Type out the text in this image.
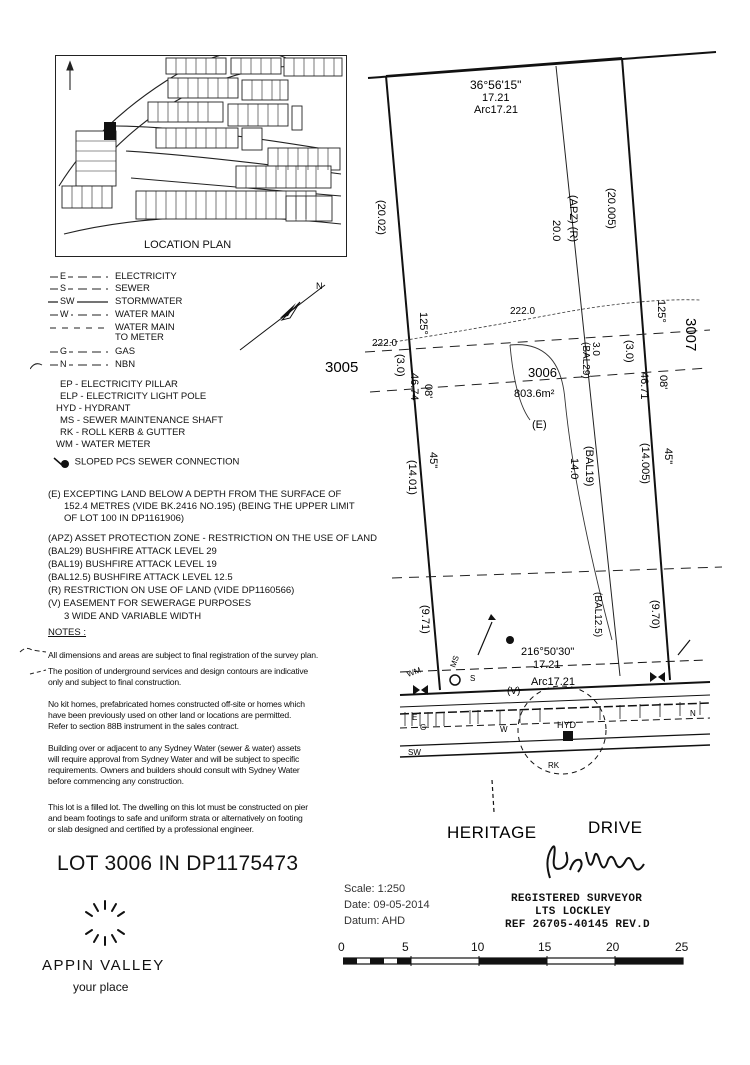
LOCATION PLAN
E	ELECTRICITY
S	SEWER
SW	STORMWATER
W	WATER MAIN
WATER MAIN
TO METER
G	GAS
N	NBN
EP - ELECTRICITY PILLAR
ELP - ELECTRICITY LIGHT POLE
HYD - HYDRANT
MS - SEWER MAINTENANCE SHAFT
RK - ROLL KERB & GUTTER
WM - WATER METER
SLOPED PCS SEWER CONNECTION
(E) EXCEPTING LAND BELOW A DEPTH FROM THE SURFACE OF
152.4 METRES (VIDE BK.2416 NO.195) (BEING THE UPPER LIMIT
OF LOT 100 IN DP1161906)
(APZ) ASSET PROTECTION ZONE - RESTRICTION ON THE USE OF LAND
(BAL29) BUSHFIRE ATTACK LEVEL 29
(BAL19) BUSHFIRE ATTACK LEVEL 19
(BAL12.5) BUSHFIRE ATTACK LEVEL 12.5
(R) RESTRICTION ON USE OF LAND (VIDE DP1160566)
(V) EASEMENT FOR SEWERAGE PURPOSES
3 WIDE AND VARIABLE WIDTH
NOTES :
All dimensions and areas are subject to final registration of the survey plan.
The position of underground services and design contours are indicative
only and subject to final construction.
No kit homes, prefabricated homes constructed off-site or homes which
have been previously used on other land or locations are permitted.
Refer to section 88B instrument in the sales contract.
Building over or adjacent to any Sydney Water (sewer & water) assets
will require approval from Sydney Water and will be subject to specific
requirements. Owners and builders should consult with Sydney Water
before commencing any construction.
This lot is a filled lot. The dwelling on this lot must be constructed on pier
and beam footings to safe and uniform strata or alternatively on footing
or slab designed and certified by a professional engineer.
LOT 3006 IN DP1175473
APPIN VALLEY
your place
Scale: 1:250
Date: 09-05-2014
Datum: AHD
REGISTERED SURVEYOR
LTS LOCKLEY
REF 26705-40145 REV.D
0	5	10	15	20	25
N
36°56'15"
17.21
Arc17.21
3006
803.6m²
(E)
3005
3007
(20.02)
125°
(3.0)
46.74 08'
45"
(14.01)
(9.71)
(20.005)
125°
(3.0)
46.71 08'
45"
(14.005)
(9.70)
(APZ) (R)
20.0
3.0
(BAL29)
(BAL19)
14.0
(BAL12.5)
222.0
222.0
216°50'30"
17.21
Arc17.21
WM
MS
(V)
HYD
RK
S
W
SW
G
E	N
HERITAGE	DRIVE
